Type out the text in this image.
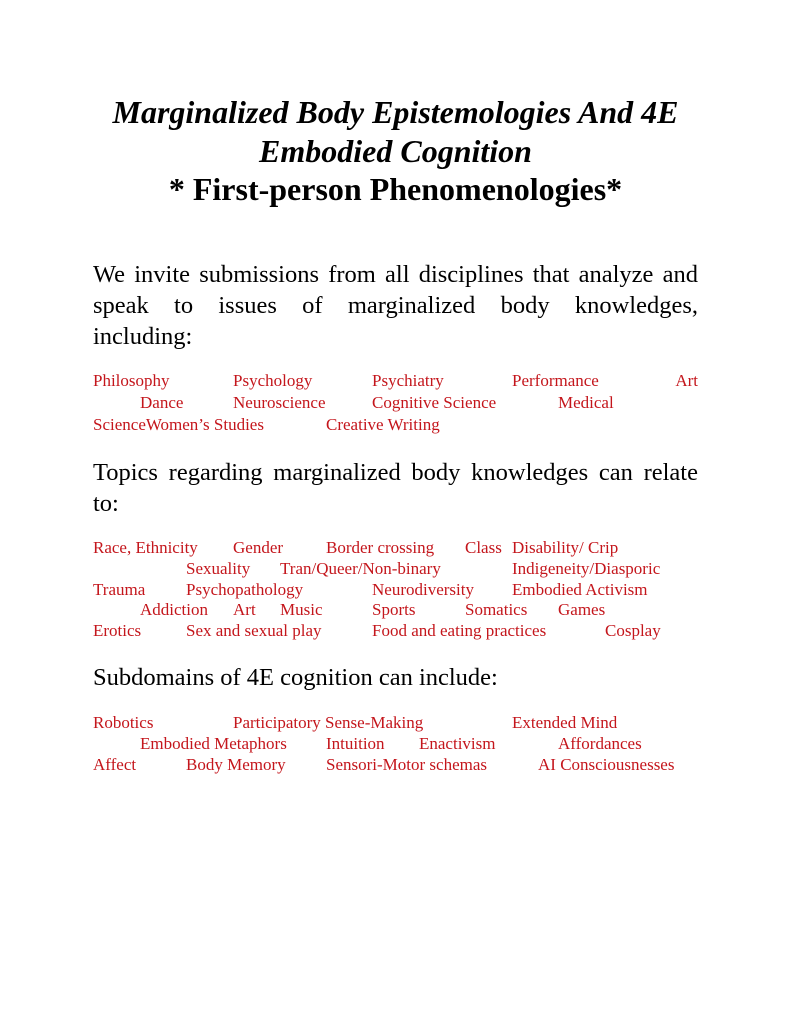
Marginalized Body Epistemologies And 4E
Embodied Cognition
* First-person Phenomenologies*
We invite submissions from all disciplines that analyze and
speak to issues of marginalized body knowledges,
including:
Philosophy	Psychology	Psychiatry	Performance	Art
Dance	Neuroscience	Cognitive Science	Medical
ScienceWomen’s Studies	Creative Writing
Topics regarding marginalized body knowledges can relate
to:
Race, Ethnicity Gender	Border crossing Class Disability/ Crip
Sexuality Tran/Queer/Non-binary	Indigeneity/Diasporic
Trauma Psychopathology	Neurodiversity Embodied Activism
Addiction Art Music	Sports	Somatics Games
Erotics	Sex and sexual play	Food and eating practices	Cosplay
Subdomains of 4E cognition can include:
Robotics	Participatory Sense-Making	Extended Mind
Embodied Metaphors Intuition Enactivism	Affordances
Affect	Body Memory Sensori-Motor schemas	AI Consciousnesses
